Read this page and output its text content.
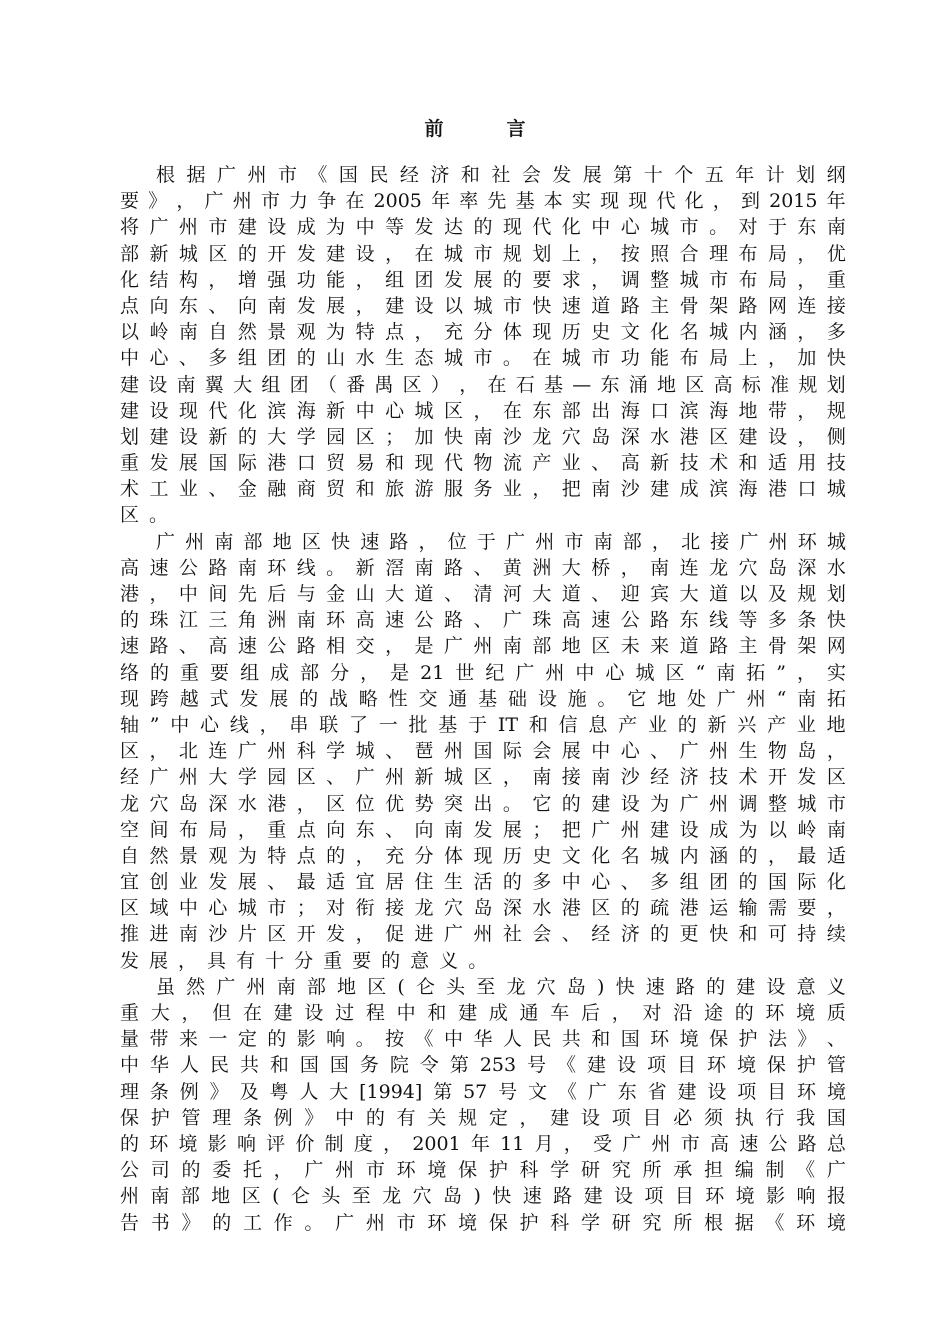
前　言
根 据 广 州 市 《 国 民 经 济 和 社 会 发 展 第 十 个 五 年 计 划 纲
要 》 ， 广 州 市 力 争 在 2005 年 率 先 基 本 实 现 现 代 化 ， 到 2015 年
将 广 州 市 建 设 成 为 中 等 发 达 的 现 代 化 中 心 城 市 。 对 于 东 南
部 新 城 区 的 开 发 建 设 ， 在 城 市 规 划 上 ， 按 照 合 理 布 局 ， 优
化 结 构 ， 增 强 功 能 ， 组 团 发 展 的 要 求 ， 调 整 城 市 布 局 ， 重
点 向 东 、 向 南 发 展 ， 建 设 以 城 市 快 速 道 路 主 骨 架 路 网 连 接
以 岭 南 自 然 景 观 为 特 点 ， 充 分 体 现 历 史 文 化 名 城 内 涵 ， 多
中 心 、 多 组 团 的 山 水 生 态 城 市 。 在 城 市 功 能 布 局 上 ， 加 快
建 设 南 翼 大 组 团 （ 番 禺 区 ） ， 在 石 基 — 东 涌 地 区 高 标 准 规 划
建 设 现 代 化 滨 海 新 中 心 城 区 ， 在 东 部 出 海 口 滨 海 地 带 ， 规
划 建 设 新 的 大 学 园 区 ； 加 快 南 沙 龙 穴 岛 深 水 港 区 建 设 ， 侧
重 发 展 国 际 港 口 贸 易 和 现 代 物 流 产 业 、 高 新 技 术 和 适 用 技
术 工 业 、 金 融 商 贸 和 旅 游 服 务 业 ， 把 南 沙 建 成 滨 海 港 口 城
区 。
广 州 南 部 地 区 快 速 路 ， 位 于 广 州 市 南 部 ， 北 接 广 州 环 城
高 速 公 路 南 环 线 。 新 滘 南 路 、 黄 洲 大 桥 ， 南 连 龙 穴 岛 深 水
港 ， 中 间 先 后 与 金 山 大 道 、 清 河 大 道 、 迎 宾 大 道 以 及 规 划
的 珠 江 三 角 洲 南 环 高 速 公 路 、 广 珠 高 速 公 路 东 线 等 多 条 快
速 路 、 高 速 公 路 相 交 ， 是 广 州 南 部 地 区 未 来 道 路 主 骨 架 网
络 的 重 要 组 成 部 分 ， 是 21 世 纪 广 州 中 心 城 区 “ 南 拓 ” ， 实
现 跨 越 式 发 展 的 战 略 性 交 通 基 础 设 施 。 它 地 处 广 州 “ 南 拓
轴 ” 中 心 线 ， 串 联 了 一 批 基 于 IT 和 信 息 产 业 的 新 兴 产 业 地
区 ， 北 连 广 州 科 学 城 、 琶 州 国 际 会 展 中 心 、 广 州 生 物 岛 ，
经 广 州 大 学 园 区 、 广 州 新 城 区 ， 南 接 南 沙 经 济 技 术 开 发 区
龙 穴 岛 深 水 港 ， 区 位 优 势 突 出 。 它 的 建 设 为 广 州 调 整 城 市
空 间 布 局 ， 重 点 向 东 、 向 南 发 展 ； 把 广 州 建 设 成 为 以 岭 南
自 然 景 观 为 特 点 的 ， 充 分 体 现 历 史 文 化 名 城 内 涵 的 ， 最 适
宜 创 业 发 展 、 最 适 宜 居 住 生 活 的 多 中 心 、 多 组 团 的 国 际 化
区 域 中 心 城 市 ； 对 衔 接 龙 穴 岛 深 水 港 区 的 疏 港 运 输 需 要 ，
推 进 南 沙 片 区 开 发 ， 促 进 广 州 社 会 、 经 济 的 更 快 和 可 持 续
发 展 ， 具 有 十 分 重 要 的 意 义 。
虽 然 广 州 南 部 地 区 ( 仑 头 至 龙 穴 岛 ) 快 速 路 的 建 设 意 义
重 大 ， 但 在 建 设 过 程 中 和 建 成 通 车 后 ， 对 沿 途 的 环 境 质
量 带 来 一 定 的 影 响 。 按 《 中 华 人 民 共 和 国 环 境 保 护 法 》 、
中 华 人 民 共 和 国 国 务 院 令 第 253 号 《 建 设 项 目 环 境 保 护 管
理 条 例 》 及 粤 人 大 [1994] 第 57 号 文 《 广 东 省 建 设 项 目 环 境
保 护 管 理 条 例 》 中 的 有 关 规 定 ， 建 设 项 目 必 须 执 行 我 国
的 环 境 影 响 评 价 制 度 ， 2001 年 11 月 ， 受 广 州 市 高 速 公 路 总
公 司 的 委 托 ， 广 州 市 环 境 保 护 科 学 研 究 所 承 担 编 制 《 广
州 南 部 地 区 ( 仑 头 至 龙 穴 岛 ) 快 速 路 建 设 项 目 环 境 影 响 报
告 书 》 的 工 作 。 广 州 市 环 境 保 护 科 学 研 究 所 根 据 《 环 境
